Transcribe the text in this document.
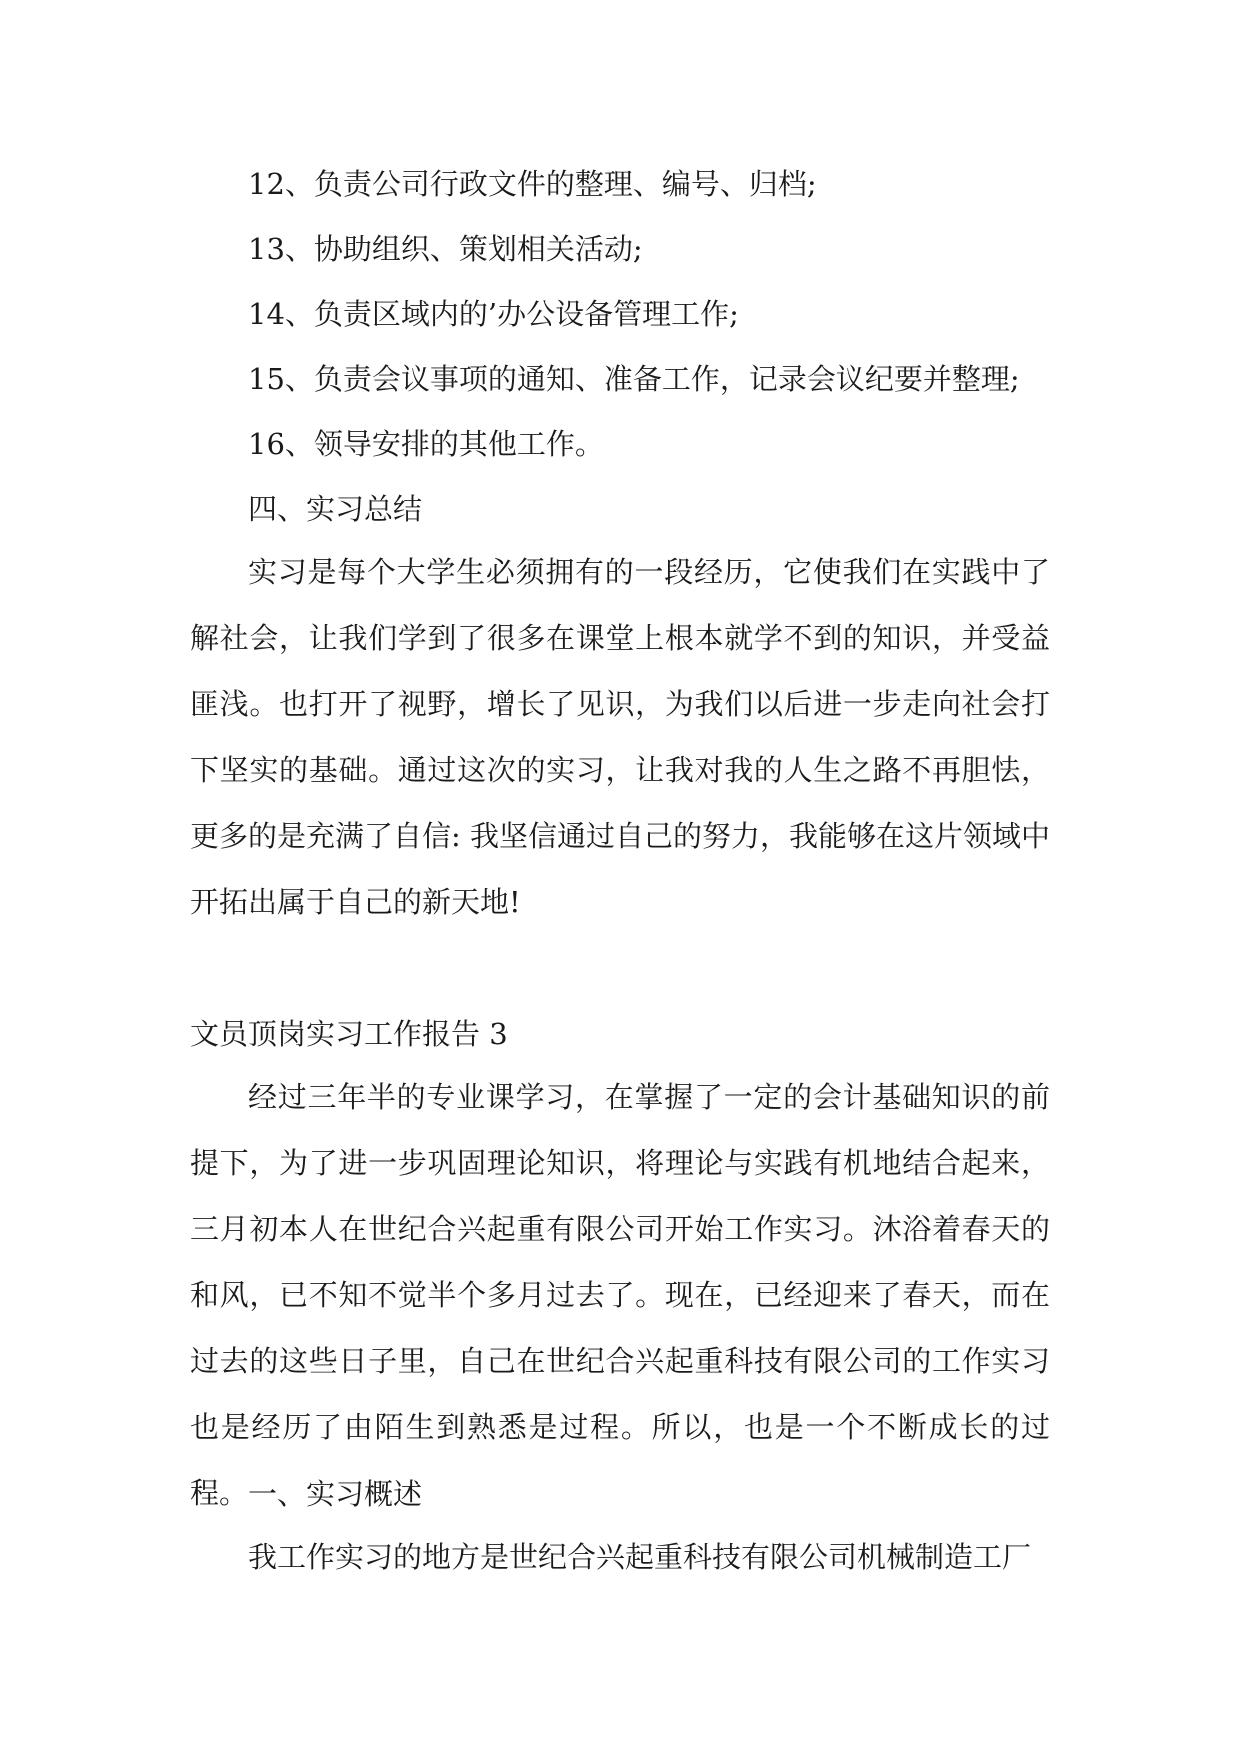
12、负责公司行政文件的整理、编号、归档;
13、协助组织、策划相关活动;
14、负责区域内的’办公设备管理工作;
15、负责会议事项的通知、准备工作，记录会议纪要并整理;
16、领导安排的其他工作。
四、实习总结
实习是每个大学生必须拥有的一段经历，它使我们在实践中了解社会，让我们学到了很多在课堂上根本就学不到的知识，并受益匪浅。也打开了视野，增长了见识，为我们以后进一步走向社会打下坚实的基础。通过这次的实习，让我对我的人生之路不再胆怯，更多的是充满了自信: 我坚信通过自己的努力，我能够在这片领域中开拓出属于自己的新天地!
文员顶岗实习工作报告 3
经过三年半的专业课学习，在掌握了一定的会计基础知识的前提下，为了进一步巩固理论知识，将理论与实践有机地结合起来，三月初本人在世纪合兴起重有限公司开始工作实习。沐浴着春天的和风，已不知不觉半个多月过去了。现在，已经迎来了春天，而在过去的这些日子里，自己在世纪合兴起重科技有限公司的工作实习也是经历了由陌生到熟悉是过程。所以，也是一个不断成长的过程。 一、实习概述
我工作实习的地方是世纪合兴起重科技有限公司机械制造工厂
